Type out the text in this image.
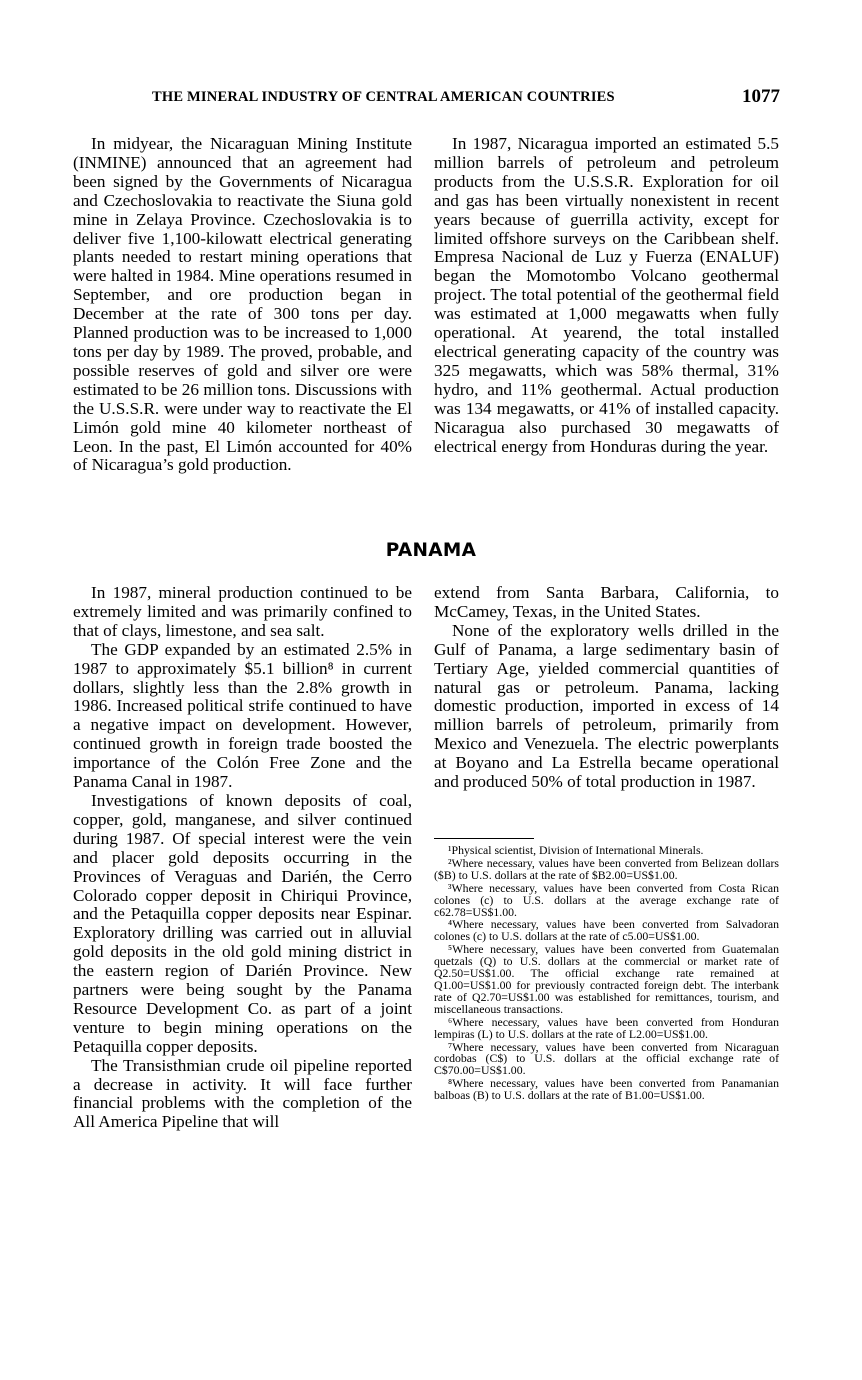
THE MINERAL INDUSTRY OF CENTRAL AMERICAN COUNTRIES	1077

In midyear, the Nicaraguan Mining Institute (INMINE) announced that an agreement had been signed by the Governments of Nicaragua and Czechoslovakia to reactivate the Siuna gold mine in Zelaya Province. Czechoslovakia is to deliver five 1,100-kilowatt electrical generating plants needed to restart mining operations that were halted in 1984. Mine operations resumed in September, and ore production began in December at the rate of 300 tons per day. Planned production was to be increased to 1,000 tons per day by 1989. The proved, probable, and possible reserves of gold and silver ore were estimated to be 26 million tons. Discussions with the U.S.S.R. were under way to reactivate the El Limón gold mine 40 kilometer northeast of Leon. In the past, El Limón accounted for 40% of Nicaragua’s gold production.

In 1987, Nicaragua imported an estimated 5.5 million barrels of petroleum and petroleum products from the U.S.S.R. Exploration for oil and gas has been virtually nonexistent in recent years because of guerrilla activity, except for limited offshore surveys on the Caribbean shelf. Empresa Nacional de Luz y Fuerza (ENALUF) began the Momotombo Volcano geothermal project. The total potential of the geothermal field was estimated at 1,000 megawatts when fully operational. At yearend, the total installed electrical generating capacity of the country was 325 megawatts, which was 58% thermal, 31% hydro, and 11% geothermal. Actual production was 134 megawatts, or 41% of installed capacity. Nicaragua also purchased 30 megawatts of electrical energy from Honduras during the year.

PANAMA

In 1987, mineral production continued to be extremely limited and was primarily confined to that of clays, limestone, and sea salt.

The GDP expanded by an estimated 2.5% in 1987 to approximately $5.1 billion⁸ in current dollars, slightly less than the 2.8% growth in 1986. Increased political strife continued to have a negative impact on development. However, continued growth in foreign trade boosted the importance of the Colón Free Zone and the Panama Canal in 1987.

Investigations of known deposits of coal, copper, gold, manganese, and silver continued during 1987. Of special interest were the vein and placer gold deposits occurring in the Provinces of Veraguas and Darién, the Cerro Colorado copper deposit in Chiriqui Province, and the Petaquilla copper deposits near Espinar. Exploratory drilling was carried out in alluvial gold deposits in the old gold mining district in the eastern region of Darién Province. New partners were being sought by the Panama Resource Development Co. as part of a joint venture to begin mining operations on the Petaquilla copper deposits.

The Transisthmian crude oil pipeline reported a decrease in activity. It will face further financial problems with the completion of the All America Pipeline that will

extend from Santa Barbara, California, to McCamey, Texas, in the United States.

None of the exploratory wells drilled in the Gulf of Panama, a large sedimentary basin of Tertiary Age, yielded commercial quantities of natural gas or petroleum. Panama, lacking domestic production, imported in excess of 14 million barrels of petroleum, primarily from Mexico and Venezuela. The electric powerplants at Boyano and La Estrella became operational and produced 50% of total production in 1987.

¹Physical scientist, Division of International Minerals.

²Where necessary, values have been converted from Belizean dollars ($B) to U.S. dollars at the rate of $B2.00=US$1.00.

³Where necessary, values have been converted from Costa Rican colones (c) to U.S. dollars at the average exchange rate of c62.78=US$1.00.

⁴Where necessary, values have been converted from Salvadoran colones (c) to U.S. dollars at the rate of c5.00=US$1.00.

⁵Where necessary, values have been converted from Guatemalan quetzals (Q) to U.S. dollars at the commercial or market rate of Q2.50=US$1.00. The official exchange rate remained at Q1.00=US$1.00 for previously contracted foreign debt. The interbank rate of Q2.70=US$1.00 was established for remittances, tourism, and miscellaneous transactions.

⁶Where necessary, values have been converted from Honduran lempiras (L) to U.S. dollars at the rate of L2.00=US$1.00.

⁷Where necessary, values have been converted from Nicaraguan cordobas (C$) to U.S. dollars at the official exchange rate of C$70.00=US$1.00.

⁸Where necessary, values have been converted from Panamanian balboas (B) to U.S. dollars at the rate of B1.00=US$1.00.
